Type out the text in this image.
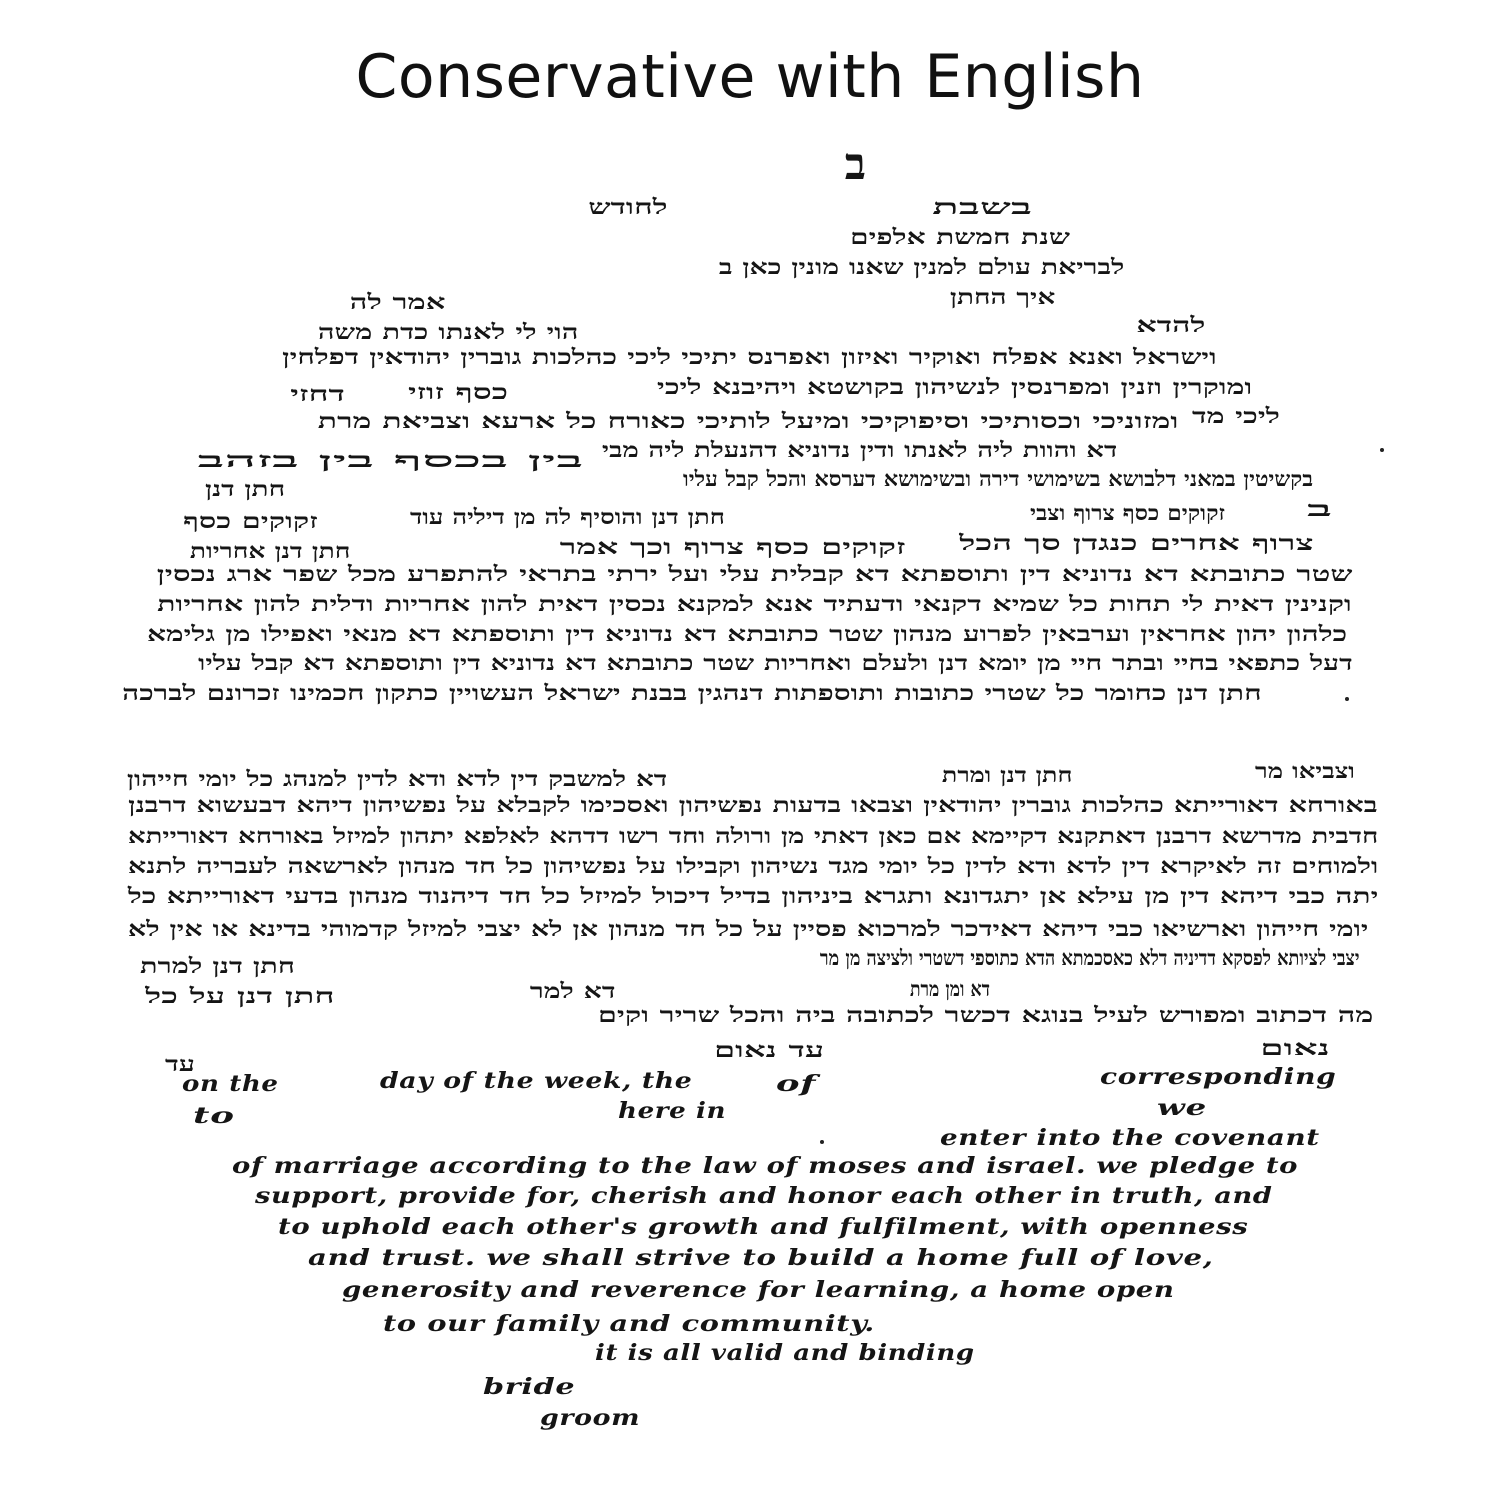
Conservative with English
ב
בשבת
לחודש
שנת חמשת אלפים
לבריאת עולם למנין שאנו מונין כאן ב
איך החתן
אמר לה
להדא
הוי לי לאנתו כדת משה
וישראל ואנא אפלח ואוקיר ואיזון ואפרנס יתיכי ליכי כהלכות גוברין יהודאין דפלחין
ומוקרין וזנין ומפרנסין לנשיהון בקושטא ויהיבנא ליכי
כסף זוזי
דחזי
ליכי מד
ומזוניכי וכסותיכי וסיפוקיכי ומיעל לותיכי כאורח כל ארעא וצביאת מרת
דא והוות ליה לאנתו ודין נדוניא דהנעלת ליה מבי
בין בכסף בין בזהב
בקשיטין במאני דלבושא בשימושי דירה ובשימושא דערסא והכל קבל עליו
חתן דנן
ב
זקוקים כסף צרוף וצבי
חתן דנן והוסיף לה מן דיליה עוד
זקוקים כסף
צרוף אחרים כנגדן סך הכל
זקוקים כסף צרוף וכך אמר
חתן דנן אחריות
שטר כתובתא דא נדוניא דין ותוספתא דא קבלית עלי ועל ירתי בתראי להתפרע מכל שפר ארג נכסין
וקנינין דאית לי תחות כל שמיא דקנאי ודעתיד אנא למקנא נכסין דאית להון אחריות ודלית להון אחריות
כלהון יהון אחראין וערבאין לפרוע מנהון שטר כתובתא דא נדוניא דין ותוספתא דא מנאי ואפילו מן גלימא
דעל כתפאי בחיי ובתר חיי מן יומא דנן ולעלם ואחריות שטר כתובתא דא נדוניא דין ותוספתא דא קבל עליו
חתן דנן כחומר כל שטרי כתובות ותוספתות דנהגין בבנת ישראל העשויין כתקון חכמינו זכרונם לברכה
וצביאו מר
חתן דנן ומרת
דא למשבק דין לדא ודא לדין למנהג כל יומי חייהון
באורחא דאורייתא כהלכות גוברין יהודאין וצבאו בדעות נפשיהון ואסכימו לקבלא על נפשיהון דיהא דבעשוא דרבנן
חדבית מדרשא דרבנן דאתקנא דקיימא אם כאן דאתי מן ורולה וחד רשו דדהא לאלפא יתהון למיזל באורחא דאורייתא
ולמוחים זה לאיקרא דין לדא ודא לדין כל יומי מגד נשיהון וקבילו על נפשיהון כל חד מנהון לארשאה לעבריה לתנא
יתה כבי דיהא דין מן עילא אן יתגדונא ותגרא ביניהון בדיל דיכול למיזל כל חד דיהנוד מנהון בדעי דאורייתא כל
יומי חייהון וארשיאו כבי דיהא דאידכר למרכוא פסיין על כל חד מנהון אן לא יצבי למיזל קדמוהי בדינא או אין לא
יצבי לציותא לפסקא דדיניה דלא כאסכמתא הדא כתוספי דשטרי ולציצה מן מר
חתן דנן למרת
דא ומן מרת
חתן דנן על כל	דא למר
מה דכתוב ומפורש לעיל בנוגא דכשר לכתובה ביה והכל שריר וקים
נאום
עד נאום
עד
on the
to
day of the week, the	of	corresponding
here in	we
enter into the covenant
of marriage according to the law of moses and israel. we pledge to
support, provide for, cherish and honor each other in truth, and
to uphold each other's growth and fulfilment, with openness
and trust. we shall strive to build a home full of love,
generosity and reverence for learning, a home open
to our family and community.
it is all valid and binding
bride
groom
